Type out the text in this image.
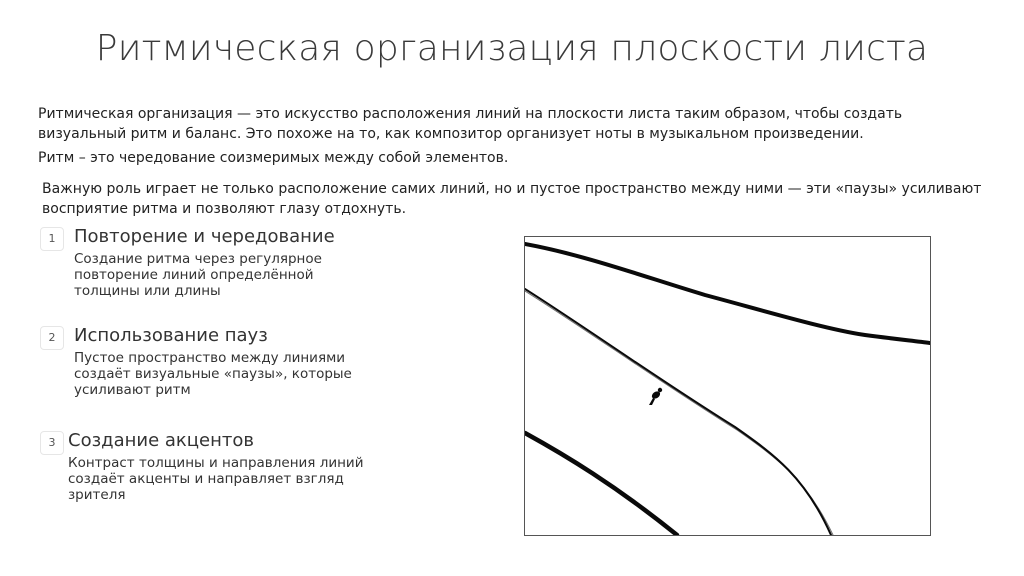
Ритмическая организация плоскости листа
Ритмическая организация — это искусство расположения линий на плоскости листа таким образом, чтобы создать визуальный ритм и баланс. Это похоже на то, как композитор организует ноты в музыкальном произведении.
Ритм – это чередование соизмеримых между собой элементов.
Важную роль играет не только расположение самих линий, но и пустое пространство между ними — эти «паузы» усиливают восприятие ритма и позволяют глазу отдохнуть.
1	Повторение и чередование
Создание ритма через регулярное повторение линий определённой толщины или длины
2	Использование пауз
Пустое пространство между линиями создаёт визуальные «паузы», которые усиливают ритм
3 Создание акцентов
Контраст толщины и направления линий создаёт акценты и направляет взгляд зрителя
